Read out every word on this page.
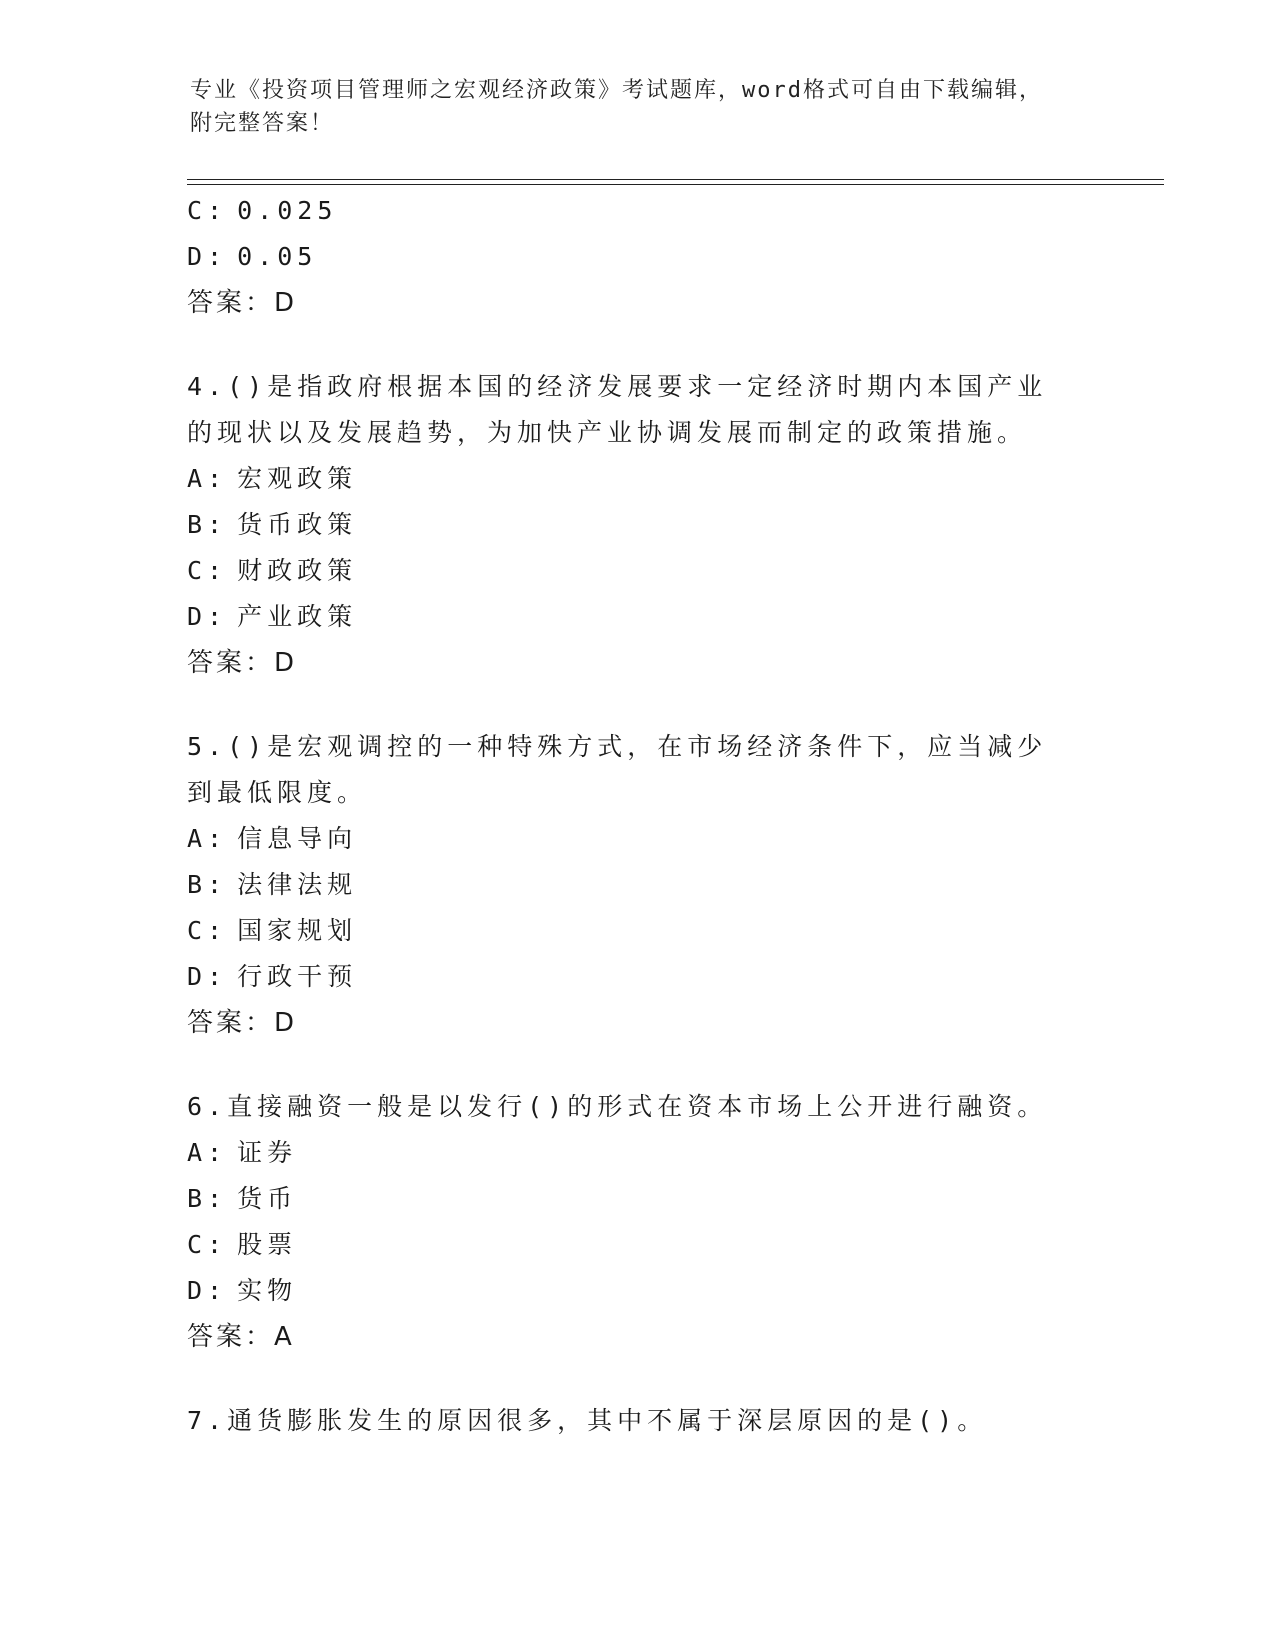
专业《投资项目管理师之宏观经济政策》考试题库，word格式可自由下载编辑，
附完整答案！
C: 0.025
D: 0.05
答案：D
4.()是指政府根据本国的经济发展要求一定经济时期内本国产业的现状以及发展趋势，为加快产业协调发展而制定的政策措施。
A: 宏观政策
B: 货币政策
C: 财政政策
D: 产业政策
答案：D
5.()是宏观调控的一种特殊方式，在市场经济条件下，应当减少到最低限度。
A: 信息导向
B: 法律法规
C: 国家规划
D: 行政干预
答案：D
6.直接融资一般是以发行()的形式在资本市场上公开进行融资。
A: 证券
B: 货币
C: 股票
D: 实物
答案：A
7.通货膨胀发生的原因很多，其中不属于深层原因的是()。
